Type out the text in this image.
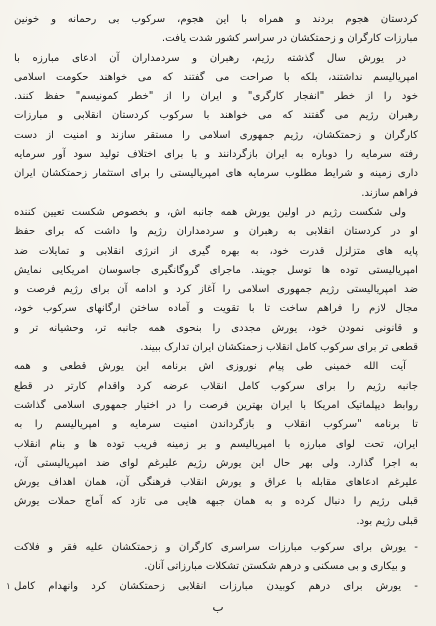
کردستان هجوم بردند و همراه با این هجوم، سرکوب بی رحمانه و خونین
مبارزات کارگران و زحمتکشان در سراسر کشور شدت یافت.
در یورش سال گذشته رژیم، رهبران و سردمداران آن ادعای مبارزه با
امپریالیسم نداشتند، بلکه با صراحت می گفتند که می خواهند حکومت اسلامی
خود را از خطر "انفجار کارگری" و ایران را از "خطر کمونیسم" حفظ کنند.
رهبران رژیم می گفتند که می خواهند با سرکوب کردستان انقلابی و مبارزات
کارگران و زحمتکشان، رژیم جمهوری اسلامی را مستقر سازند و امنیت از دست
رفته سرمایه را دوباره به ایران بازگردانند و با برای اختلاف تولید سود آور سرمایه
داری زمینه و شرایط مطلوب سرمایه های امپریالیستی را برای استثمار زحمتکشان ایران
فراهم سازند.
ولی شکست رژیم در اولین یورش همه جانبه اش، و بخصوص شکست تعیین کننده
او در کردستان انقلابی به رهبران و سردمداران رژیم وا داشت که برای حفظ
پایه های متزلزل قدرت خود، به بهره گیری از انرژی انقلابی و تمایلات ضد
امپریالیستی توده ها توسل جویند. ماجرای گروگانگیری جاسوسان امریکایی نمایش
ضد امپریالیستی رژیم جمهوری اسلامی را آغاز کرد و ادامه آن برای رژیم فرصت و
مجال لازم را فراهم ساخت تا با تقویت و آماده ساختن ارگانهای سرکوب خود،
و قانونی نمودن خود، یورش مجددی را بنحوی همه جانبه تر، وحشیانه تر و
قطعی تر برای سرکوب کامل انقلاب زحمتکشان ایران تدارک ببیند.
آیت الله خمینی طی پیام نوروزی اش برنامه این یورش قطعی و همه
جانبه رژیم را برای سرکوب کامل انقلاب عرضه کرد واقدام کارتر در قطع
روابط دیپلماتیک امریکا با ایران بهترین فرصت را در اختیار جمهوری اسلامی گذاشت
تا برنامه "سرکوب انقلاب و بازگرداندن امنیت سرمایه و امپریالیسم را به
ایران، تحت لوای مبارزه با امپریالیسم و بر زمینه فریب توده ها و بنام انقلاب
به اجرا گذارد. ولی بهر حال این یورش رژیم علیرغم لوای ضد امپریالیستی آن،
علیرغم ادعاهای مقابله با عراق و یورش انقلاب فرهنگی آن، همان اهداف یورش
قبلی رژیم را دنبال کرده و به همان جبهه هایی می تازد که آماج حملات یورش
قبلی رژیم بود.
- یورش برای سرکوب مبارزات سراسری کارگران و زحمتکشان علیه فقر و فلاکت
و بیکاری و بی مسکنی و درهم شکستن تشکلات مبارزاتی آنان.
- یورش برای درهم کوبیدن مبارزات انقلابی زحمتکشان کرد وانهدام کامل
ب
۱
